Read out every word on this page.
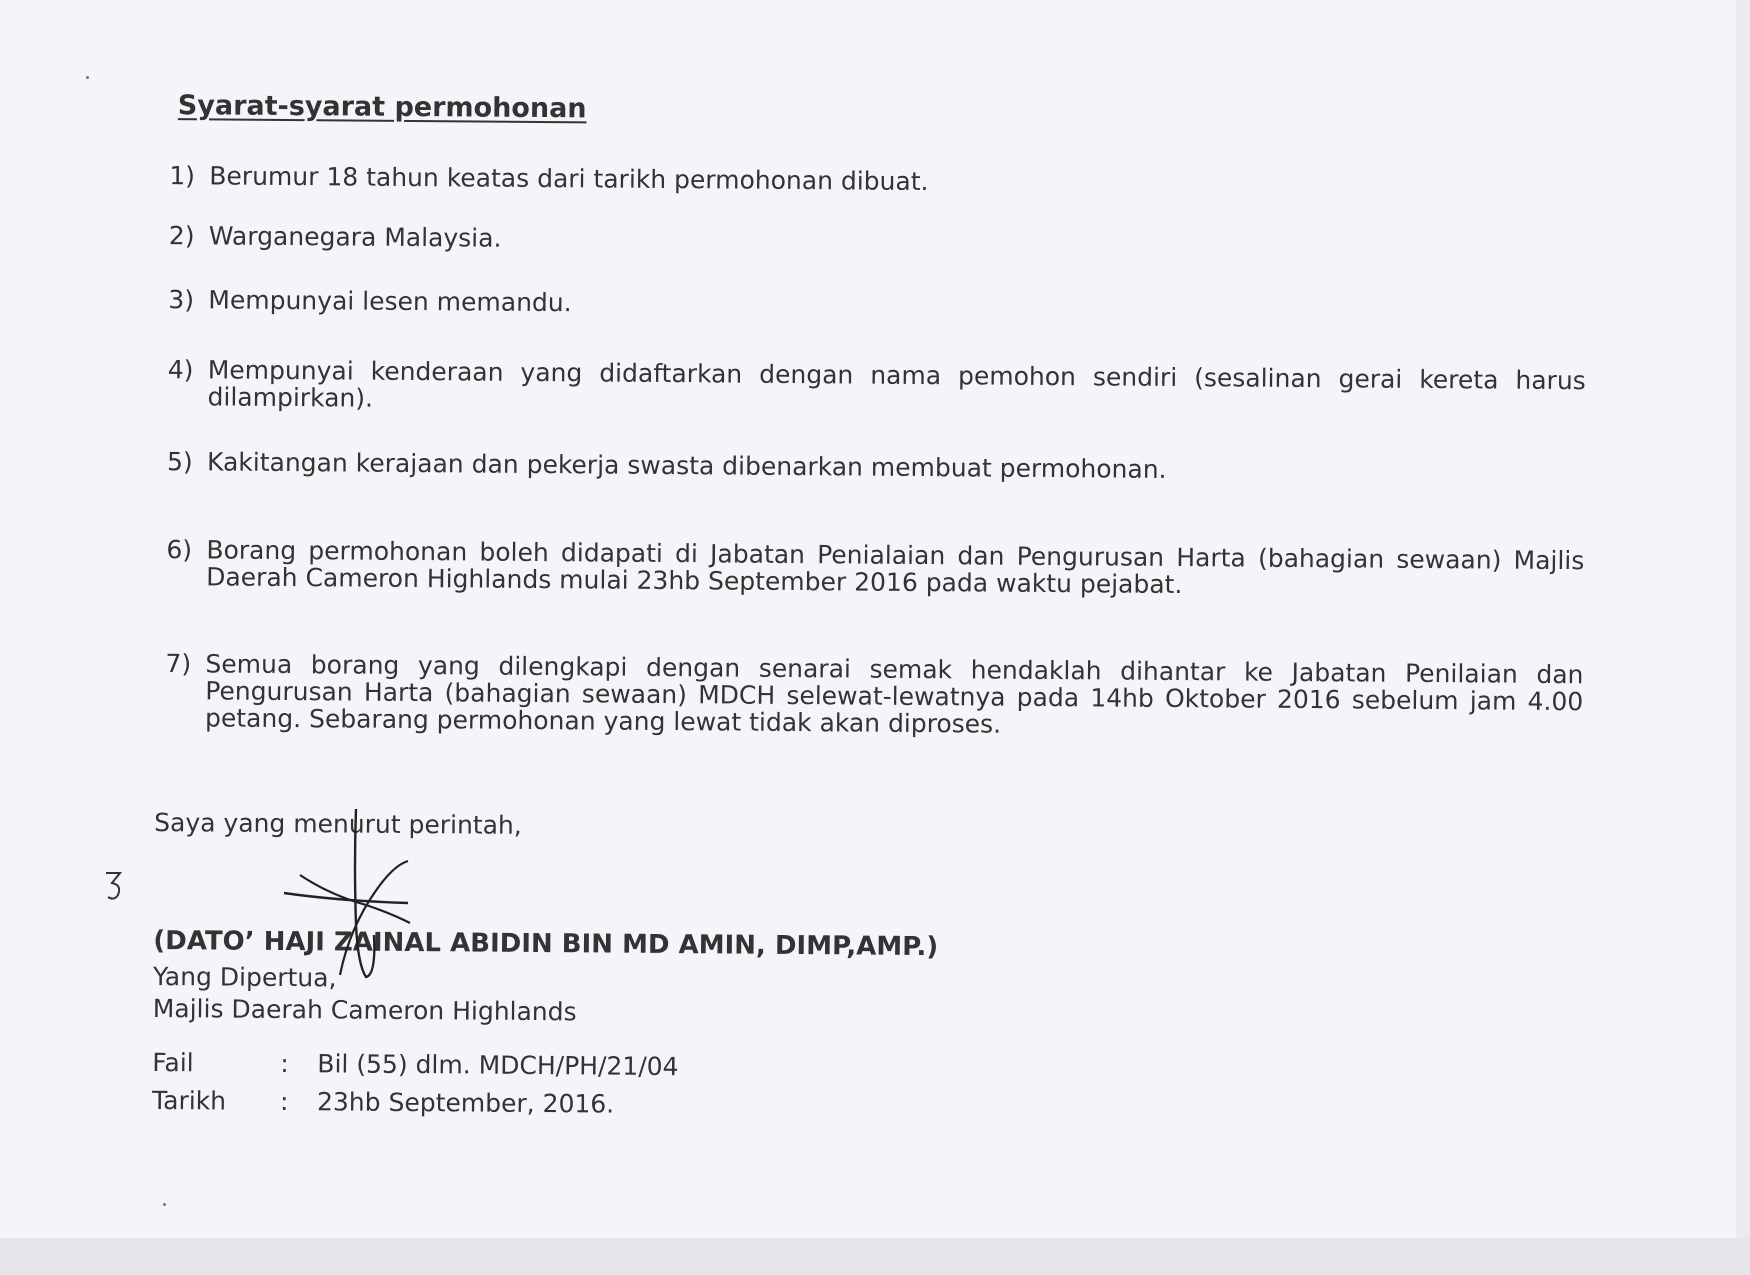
Syarat-syarat permohonan
1) Berumur 18 tahun keatas dari tarikh permohonan dibuat.
2) Warganegara Malaysia.
3) Mempunyai lesen memandu.
4) Mempunyai kenderaan yang didaftarkan dengan nama pemohon sendiri (sesalinan gerai kereta harus dilampirkan).
5) Kakitangan kerajaan dan pekerja swasta dibenarkan membuat permohonan.
6) Borang permohonan boleh didapati di Jabatan Penialaian dan Pengurusan Harta (bahagian sewaan) Majlis Daerah Cameron Highlands mulai 23hb September 2016 pada waktu pejabat.
7) Semua borang yang dilengkapi dengan senarai semak hendaklah dihantar ke Jabatan Penilaian dan Pengurusan Harta (bahagian sewaan) MDCH selewat-lewatnya pada 14hb Oktober 2016 sebelum jam 4.00 petang. Sebarang permohonan yang lewat tidak akan diproses.
Saya yang menurut perintah,
(DATO’ HAJI ZAINAL ABIDIN BIN MD AMIN, DIMP,AMP.)
Yang Dipertua,
Majlis Daerah Cameron Highlands
Fail	: Bil (55) dlm. MDCH/PH/21/04
Tarikh : 23hb September, 2016.
